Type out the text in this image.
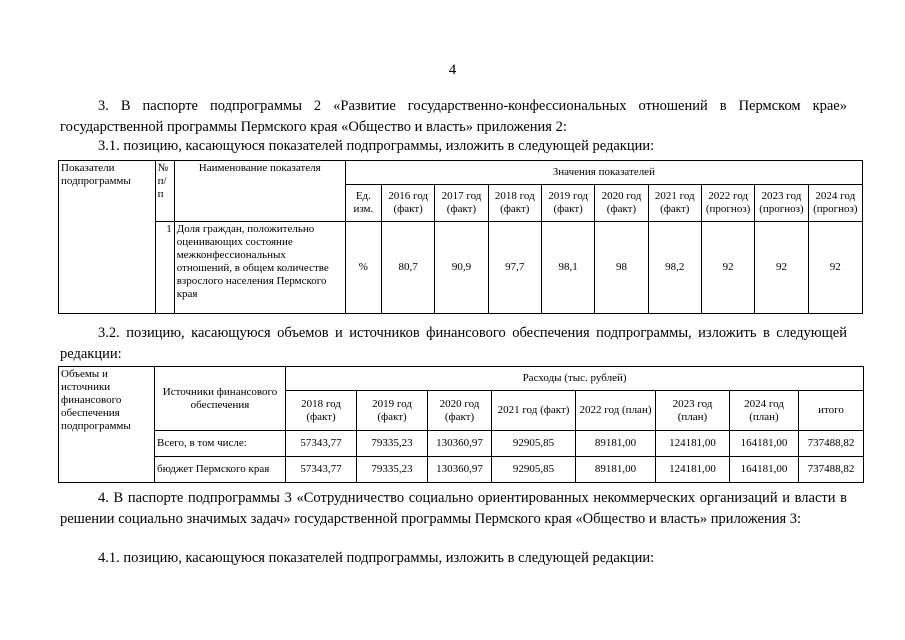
4
3. В паспорте подпрограммы 2 «Развитие государственно-конфессиональных отношений в Пермском крае» государственной программы Пермского края «Общество и власть» приложения 2:
3.1. позицию, касающуюся показателей подпрограммы, изложить в следующей редакции:
Показатели подпрограммы	№ п/п	Наименование показателя	Значения показателей									
			Ед. изм.	2016 год (факт)	2017 год (факт)	2018 год (факт)	2019 год (факт)	2020 год (факт)	2021 год (факт)	2022 год (прогноз)	2023 год (прогноз)	2024 год (прогноз)
	1	Доля граждан, положительно оценивающих состояние межконфессиональных отношений, в общем количестве взрослого населения Пермского края	%	80,7	90,9	97,7	98,1	98	98,2	92	92	92
3.2. позицию, касающуюся объемов и источников финансового обеспечения подпрограммы, изложить в следующей редакции:
Объемы и источники финансового обеспечения подпрограммы	Источники финансового обеспечения	Расходы (тыс. рублей)							
		2018 год (факт)	2019 год (факт)	2020 год (факт)	2021 год (факт)	2022 год (план)	2023 год (план)	2024 год (план)	итого
	Всего, в том числе:	57343,77	79335,23	130360,97	92905,85	89181,00	124181,00	164181,00	737488,82
	бюджет Пермского края	57343,77	79335,23	130360,97	92905,85	89181,00	124181,00	164181,00	737488,82
4. В паспорте подпрограммы 3 «Сотрудничество социально ориентированных некоммерческих организаций и власти в решении социально значимых задач» государственной программы Пермского края «Общество и власть» приложения 3:
4.1. позицию, касающуюся показателей подпрограммы, изложить в следующей редакции:
